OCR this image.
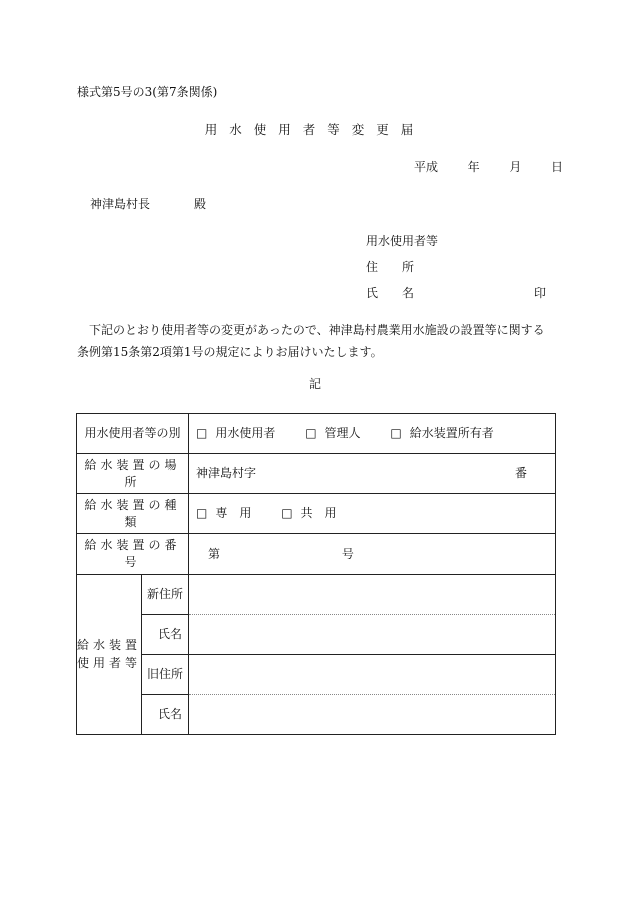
様式第5号の3(第7条関係)
用水使用者等変更届
平成 年 月 日
神津島村長	殿
用水使用者等
住　　所
氏　　名	印
下記のとおり使用者等の変更があったので、神津島村農業用水施設の設置等に関する条例第15条第2項第1号の規定によりお届けいたします。
記
用水使用者等の別		□ 用水使用者 □ 管理人 □ 給水装置所有者
給水装置の場所		神津島村字 番

給水装置の種類		□ 専　用 □ 共　用
給水装置の番号		第 号

給水装置
使用者等	新住所	
	氏名	
	旧住所	
	氏名	
